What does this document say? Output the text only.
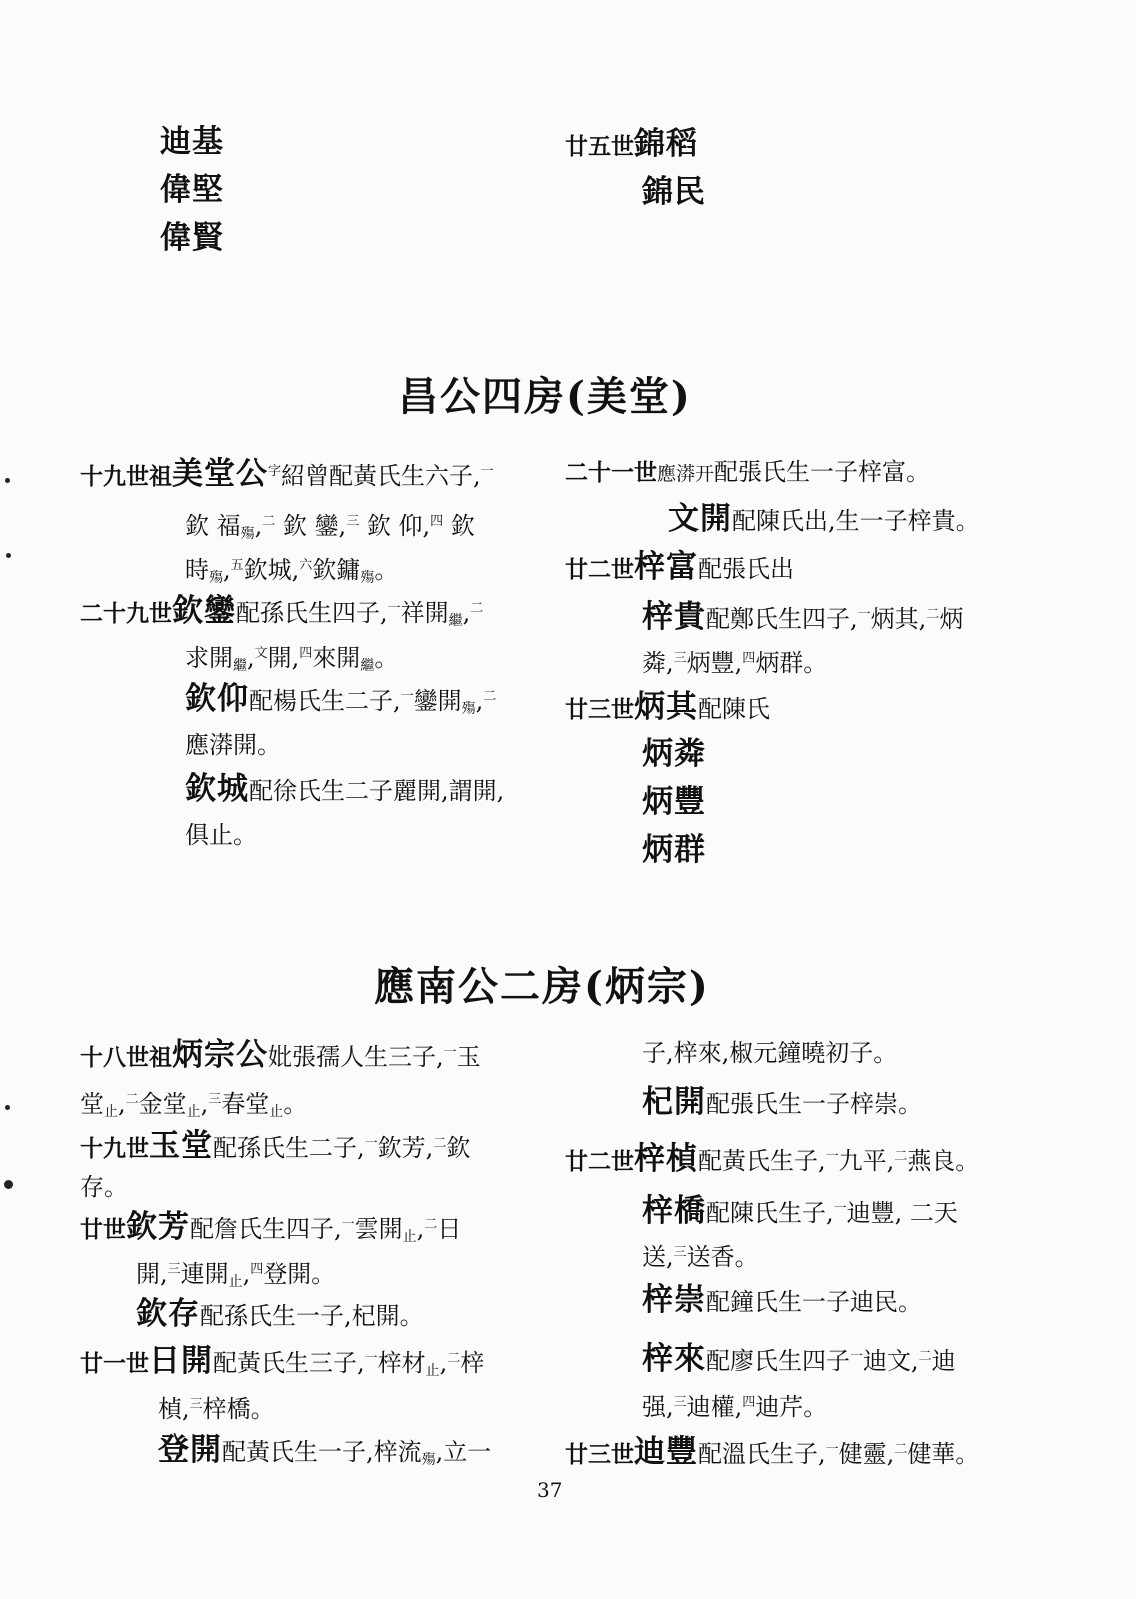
迪基
偉堅
偉賢
廿五世錦稻
錦民
昌公四房(美堂)
十九世祖美堂公$^字$紹曾配黃氏生六子,$^一$
欽 福$_殤$,$^二$ 欽 鑾,$^三$ 欽 仰,$^四$ 欽
時$_殤$,$^五$欽城,$^六$欽鏞$_殤$。
二十九世欽鑾配孫氏生四子,$^一$祥開$_繼$,$^二$
求開$_繼$,$^文$開,$^四$來開$_繼$。
欽仰配楊氏生二子,$^一$鑾開$_殤$,$^二$
應漭開。
欽城配徐氏生二子麗開,謂開,
俱止。
二十一世應漭开配張氏生一子梓富。
文開配陳氏出,生一子梓貴。
廿二世梓富配張氏出
梓貴配鄭氏生四子,$^一$炳其,$^二$炳
粦,$^三$炳豐,$^四$炳群。
廿三世炳其配陳氏
炳粦
炳豐
炳群
應南公二房(炳宗)
十八世祖炳宗公妣張孺人生三子,$^一$玉
堂$_止$,$^二$金堂$_止$,$^三$春堂$_止$。
十九世玉堂配孫氏生二子,$^一$欽芳,$^二$欽
存。
廿世欽芳配詹氏生四子,$^一$雲開$_止$,$^二$日
開,$^三$連開$_止$,$^四$登開。
欽存配孫氏生一子,杞開。
廿一世日開配黃氏生三子,$^一$梓材$_止$,$^二$梓
楨,$^三$梓橋。
登開配黃氏生一子,梓流$_殤$,立一
子,梓來,椒元鐘曉初子。
杞開配張氏生一子梓崇。
廿二世梓楨配黃氏生子,$^一$九平,$^二$燕良。
梓橋配陳氏生子,$^一$迪豐, 二天
送,$^三$送香。
梓崇配鐘氏生一子迪民。
梓來配廖氏生四子$^一$迪文,$^二$迪
强,$^三$迪權,$^四$迪芹。
廿三世迪豐配溫氏生子,$^一$健靈,$^二$健華。
37
